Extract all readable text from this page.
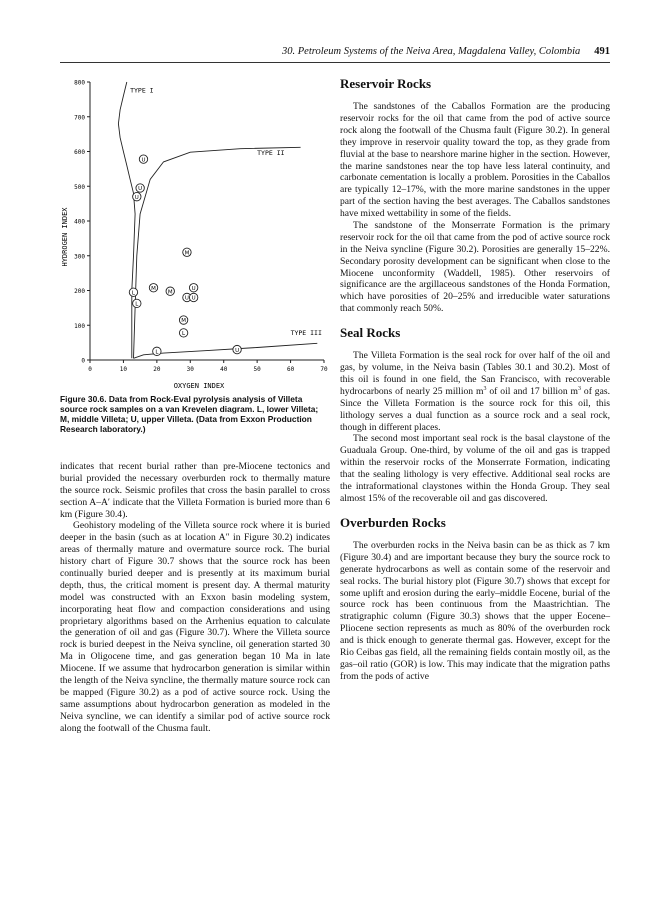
30. Petroleum Systems of the Neiva Area, Magdalena Valley, Colombia 491
0
100
200
300
400
500
600
700
800
0	10	20	30	40	50	60	70
TYPE I
TYPE II
TYPE III
L
L
L
L
M
M
M
M
U
U
U
U
U U
U
OXYGEN INDEX
HYDROGEN INDEX
Figure 30.6. Data from Rock-Eval pyrolysis analysis of Villeta source rock samples on a van Krevelen diagram. L, lower Villeta; M, middle Villeta; U, upper Villeta. (Data from Exxon Production Research laboratory.)

indicates that recent burial rather than pre-Miocene tectonics and burial provided the necessary overburden rock to thermally mature the source rock. Seismic profiles that cross the basin parallel to cross section A–A′ indicate that the Villeta Formation is buried more than 6 km (Figure 30.4).

Geohistory modeling of the Villeta source rock where it is buried deeper in the basin (such as at location A″ in Figure 30.2) indicates areas of thermally mature and overmature source rock. The burial history chart of Figure 30.7 shows that the source rock has been continually buried deeper and is presently at its maximum burial depth, thus, the critical moment is present day. A thermal maturity model was constructed with an Exxon basin modeling system, incorporating heat flow and compaction considerations and using proprietary algorithms based on the Arrhenius equation to calculate the generation of oil and gas (Figure 30.7). Where the Villeta source rock is buried deepest in the Neiva syncline, oil generation started 30 Ma in Oligocene time, and gas generation began 10 Ma in late Miocene. If we assume that hydrocarbon generation is similar within the length of the Neiva syncline, the thermally mature source rock can be mapped (Figure 30.2) as a pod of active source rock. Using the same assumptions about hydrocarbon generation as modeled in the Neiva syncline, we can identify a similar pod of active source rock along the footwall of the Chusma fault.

Reservoir Rocks

The sandstones of the Caballos Formation are the producing reservoir rocks for the oil that came from the pod of active source rock along the footwall of the Chusma fault (Figure 30.2). In general they improve in reservoir quality toward the top, as they grade from fluvial at the base to nearshore marine higher in the section. However, the marine sandstones near the top have less lateral continuity, and carbonate cementation is locally a problem. Porosities in the Caballos are typically 12–17%, with the more marine sandstones in the upper part of the section having the best averages. The Caballos sandstones have mixed wettability in some of the fields.

The sandstone of the Monserrate Formation is the primary reservoir rock for the oil that came from the pod of active source rock in the Neiva syncline (Figure 30.2). Porosities are generally 15–22%. Secondary porosity development can be significant when close to the Miocene unconformity (Waddell, 1985). Other reservoirs of significance are the argillaceous sandstones of the Honda Formation, which have porosities of 20–25% and irreducible water saturations that commonly reach 50%.

Seal Rocks

The Villeta Formation is the seal rock for over half of the oil and gas, by volume, in the Neiva basin (Tables 30.1 and 30.2). Most of this oil is found in one field, the San Francisco, with recoverable hydrocarbons of nearly 25 million $m^3$ of oil and 17 billion $m^3$ of gas. Since the Villeta Formation is the source rock for this oil, this lithology serves a dual function as a source rock and a seal rock, though in different places.

The second most important seal rock is the basal claystone of the Guaduala Group. One-third, by volume of the oil and gas is trapped within the reservoir rocks of the Monserrate Formation, indicating that the sealing lithology is very effective. Additional seal rocks are the intraformational claystones within the Honda Group. They seal almost 15% of the recoverable oil and gas discovered.

Overburden Rocks

The overburden rocks in the Neiva basin can be as thick as 7 km (Figure 30.4) and are important because they bury the source rock to generate hydrocarbons as well as contain some of the reservoir and seal rocks. The burial history plot (Figure 30.7) shows that except for some uplift and erosion during the early–middle Eocene, burial of the source rock has been continuous from the Maastrichtian. The stratigraphic column (Figure 30.3) shows that the upper Eocene–Pliocene section represents as much as 80% of the overburden rock and is thick enough to generate thermal gas. However, except for the Rio Ceibas gas field, all the remaining fields contain mostly oil, as the gas–oil ratio (GOR) is low. This may indicate that the migration paths from the pods of active
